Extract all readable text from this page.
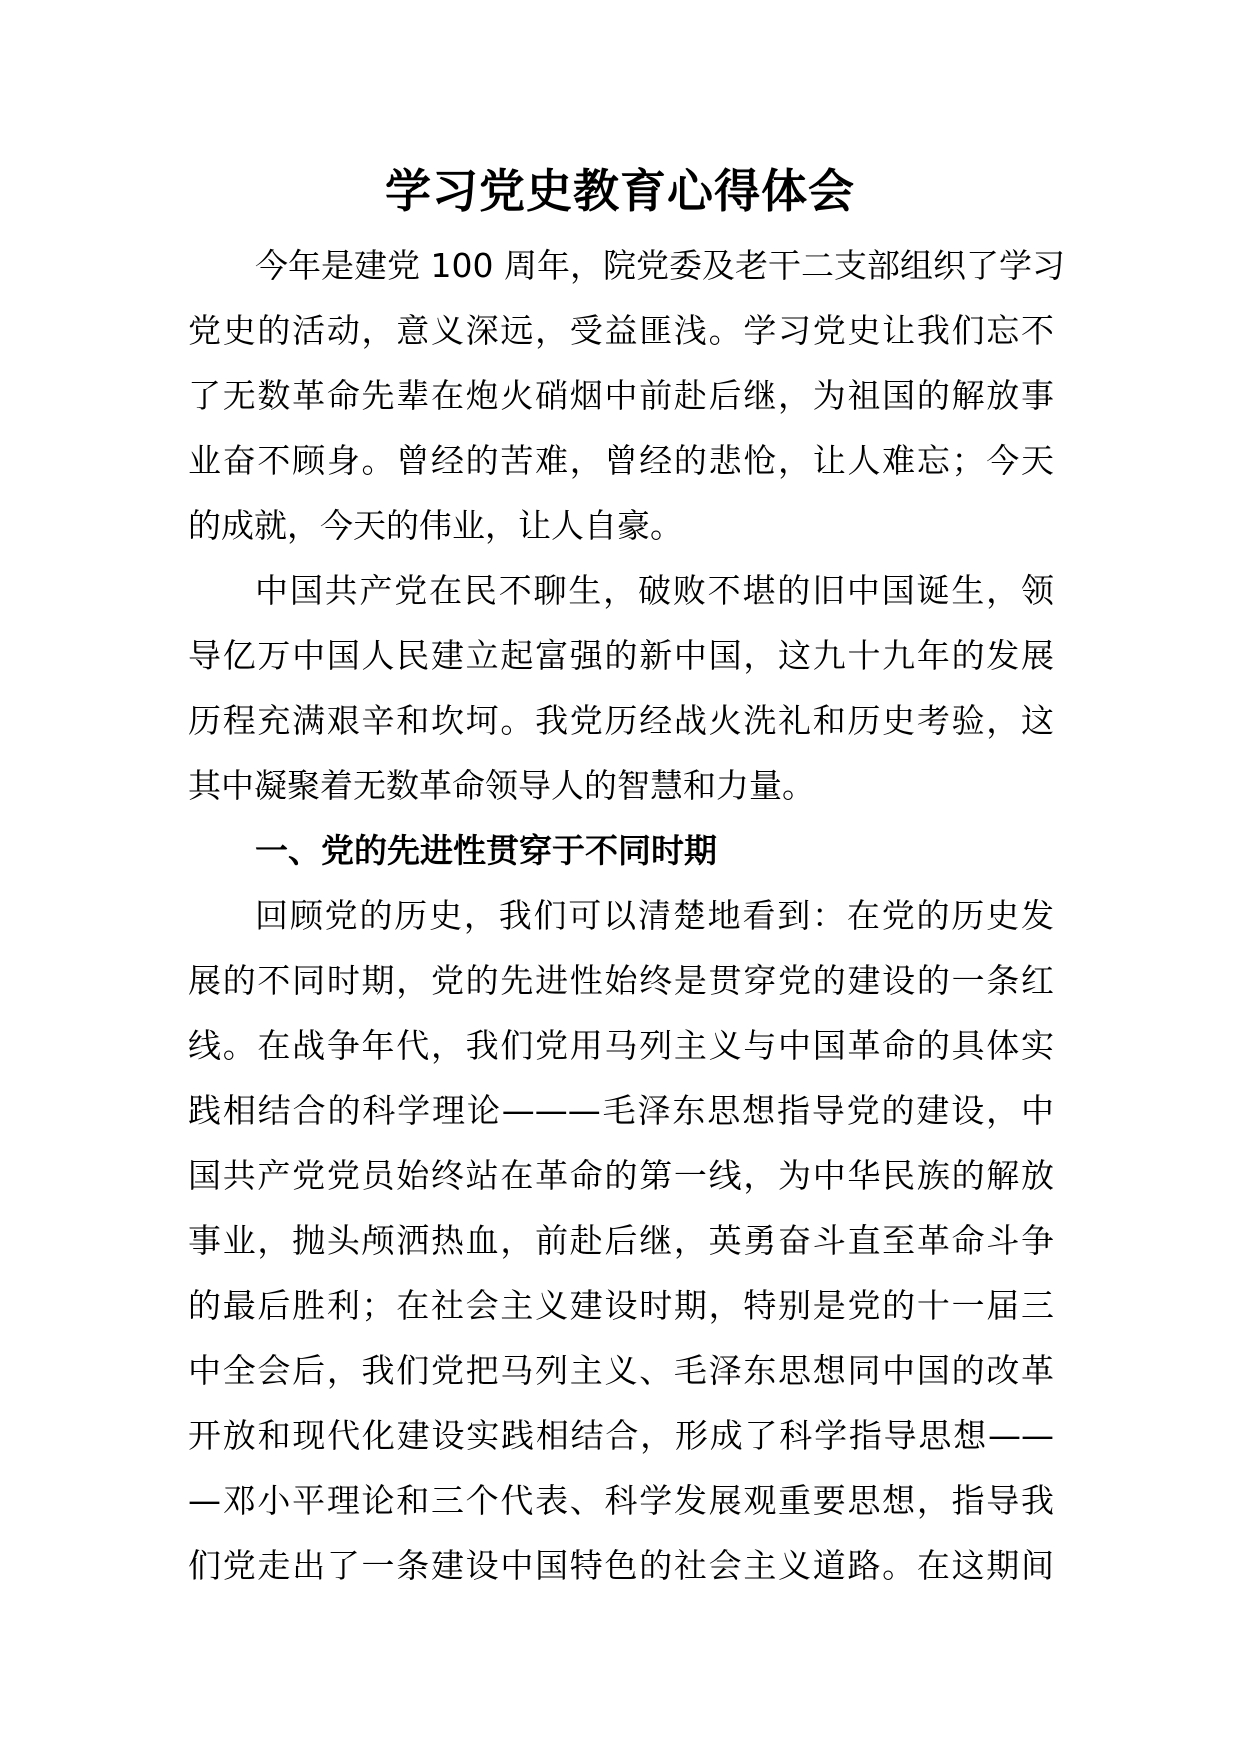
学习党史教育心得体会
今年是建党 100 周年，院党委及老干二支部组织了学习
党史的活动，意义深远，受益匪浅。学习党史让我们忘不
了无数革命先辈在炮火硝烟中前赴后继，为祖国的解放事
业奋不顾身。曾经的苦难，曾经的悲怆，让人难忘；今天
的成就，今天的伟业，让人自豪。
中国共产党在民不聊生，破败不堪的旧中国诞生，领
导亿万中国人民建立起富强的新中国，这九十九年的发展
历程充满艰辛和坎坷。我党历经战火洗礼和历史考验，这
其中凝聚着无数革命领导人的智慧和力量。
一、党的先进性贯穿于不同时期
回顾党的历史，我们可以清楚地看到：在党的历史发
展的不同时期，党的先进性始终是贯穿党的建设的一条红
线。在战争年代，我们党用马列主义与中国革命的具体实
践相结合的科学理论———毛泽东思想指导党的建设，中
国共产党党员始终站在革命的第一线，为中华民族的解放
事业，抛头颅洒热血，前赴后继，英勇奋斗直至革命斗争
的最后胜利；在社会主义建设时期，特别是党的十一届三
中全会后，我们党把马列主义、毛泽东思想同中国的改革
开放和现代化建设实践相结合，形成了科学指导思想——
—邓小平理论和三个代表、科学发展观重要思想，指导我
们党走出了一条建设中国特色的社会主义道路。在这期间
